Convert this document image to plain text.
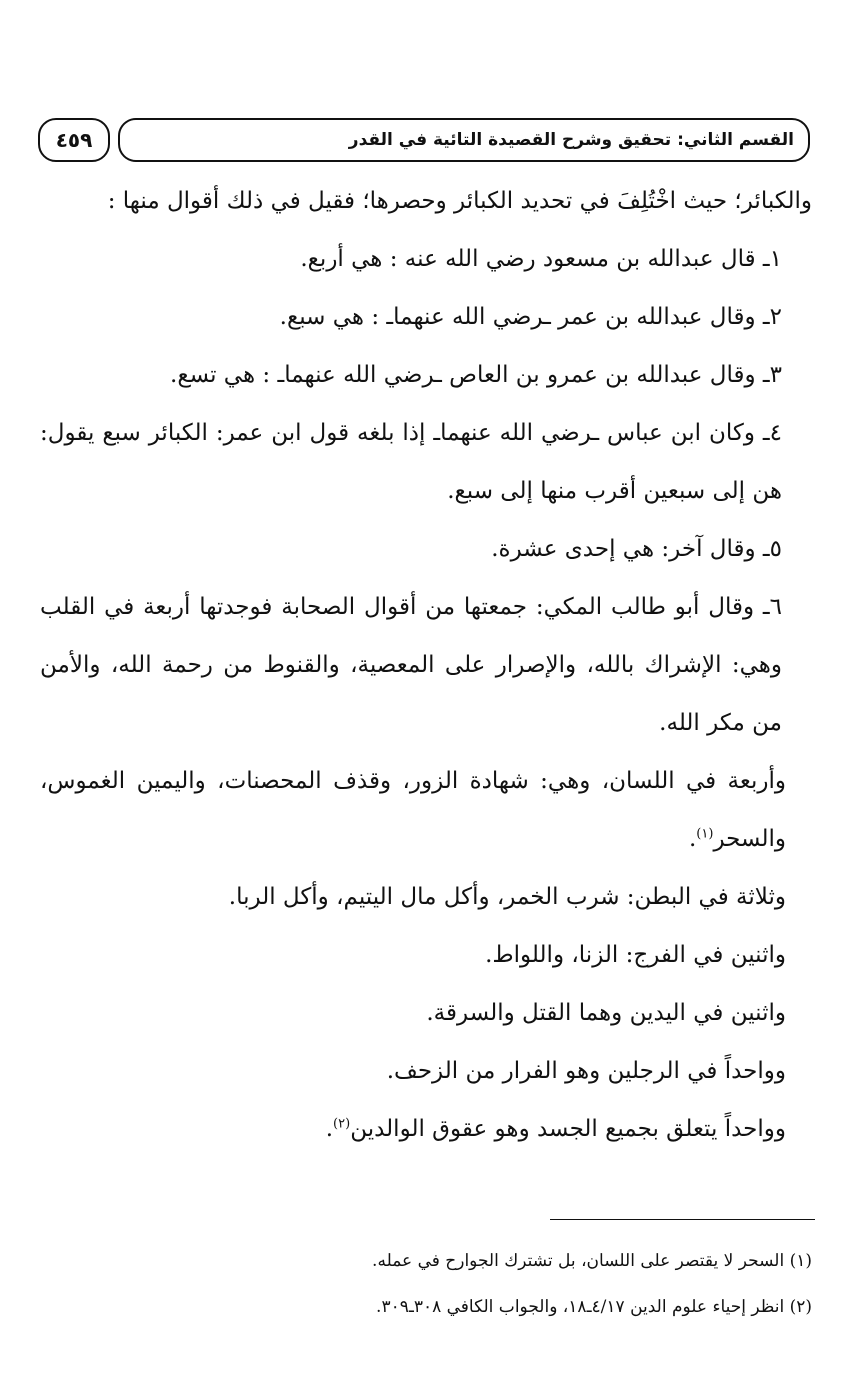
القسم الثاني: تحقيق وشرح القصيدة التائية في القدر
٤٥٩
والكبائر؛ حيث اخْتُلِفَ في تحديد الكبائر وحصرها؛ فقيل في ذلك أقوال منها :
١ـ قال عبدالله بن مسعود رضي الله عنه : هي أربع.
٢ـ وقال عبدالله بن عمر ـرضي الله عنهماـ : هي سبع.
٣ـ وقال عبدالله بن عمرو بن العاص ـرضي الله عنهماـ : هي تسع.
٤ـ وكان ابن عباس ـرضي الله عنهماـ إذا بلغه قول ابن عمر: الكبائر سبع يقول: هن إلى سبعين أقرب منها إلى سبع.
٥ـ وقال آخر: هي إحدى عشرة.
٦ـ وقال أبو طالب المكي: جمعتها من أقوال الصحابة فوجدتها أربعة في القلب وهي: الإشراك بالله، والإصرار على المعصية، والقنوط من رحمة الله، والأمن من مكر الله.
وأربعة في اللسان، وهي: شهادة الزور، وقذف المحصنات، واليمين الغموس، والسحر$^{(١)}$.
وثلاثة في البطن: شرب الخمر، وأكل مال اليتيم، وأكل الربا.
واثنين في الفرج: الزنا، واللواط.
واثنين في اليدين وهما القتل والسرقة.
وواحداً في الرجلين وهو الفرار من الزحف.
وواحداً يتعلق بجميع الجسد وهو عقوق الوالدين$^{(٢)}$.
(١) السحر لا يقتصر على اللسان، بل تشترك الجوارح في عمله.
(٢) انظر إحياء علوم الدين ٤/١٧ـ١٨، والجواب الكافي ٣٠٨ـ٣٠٩.
